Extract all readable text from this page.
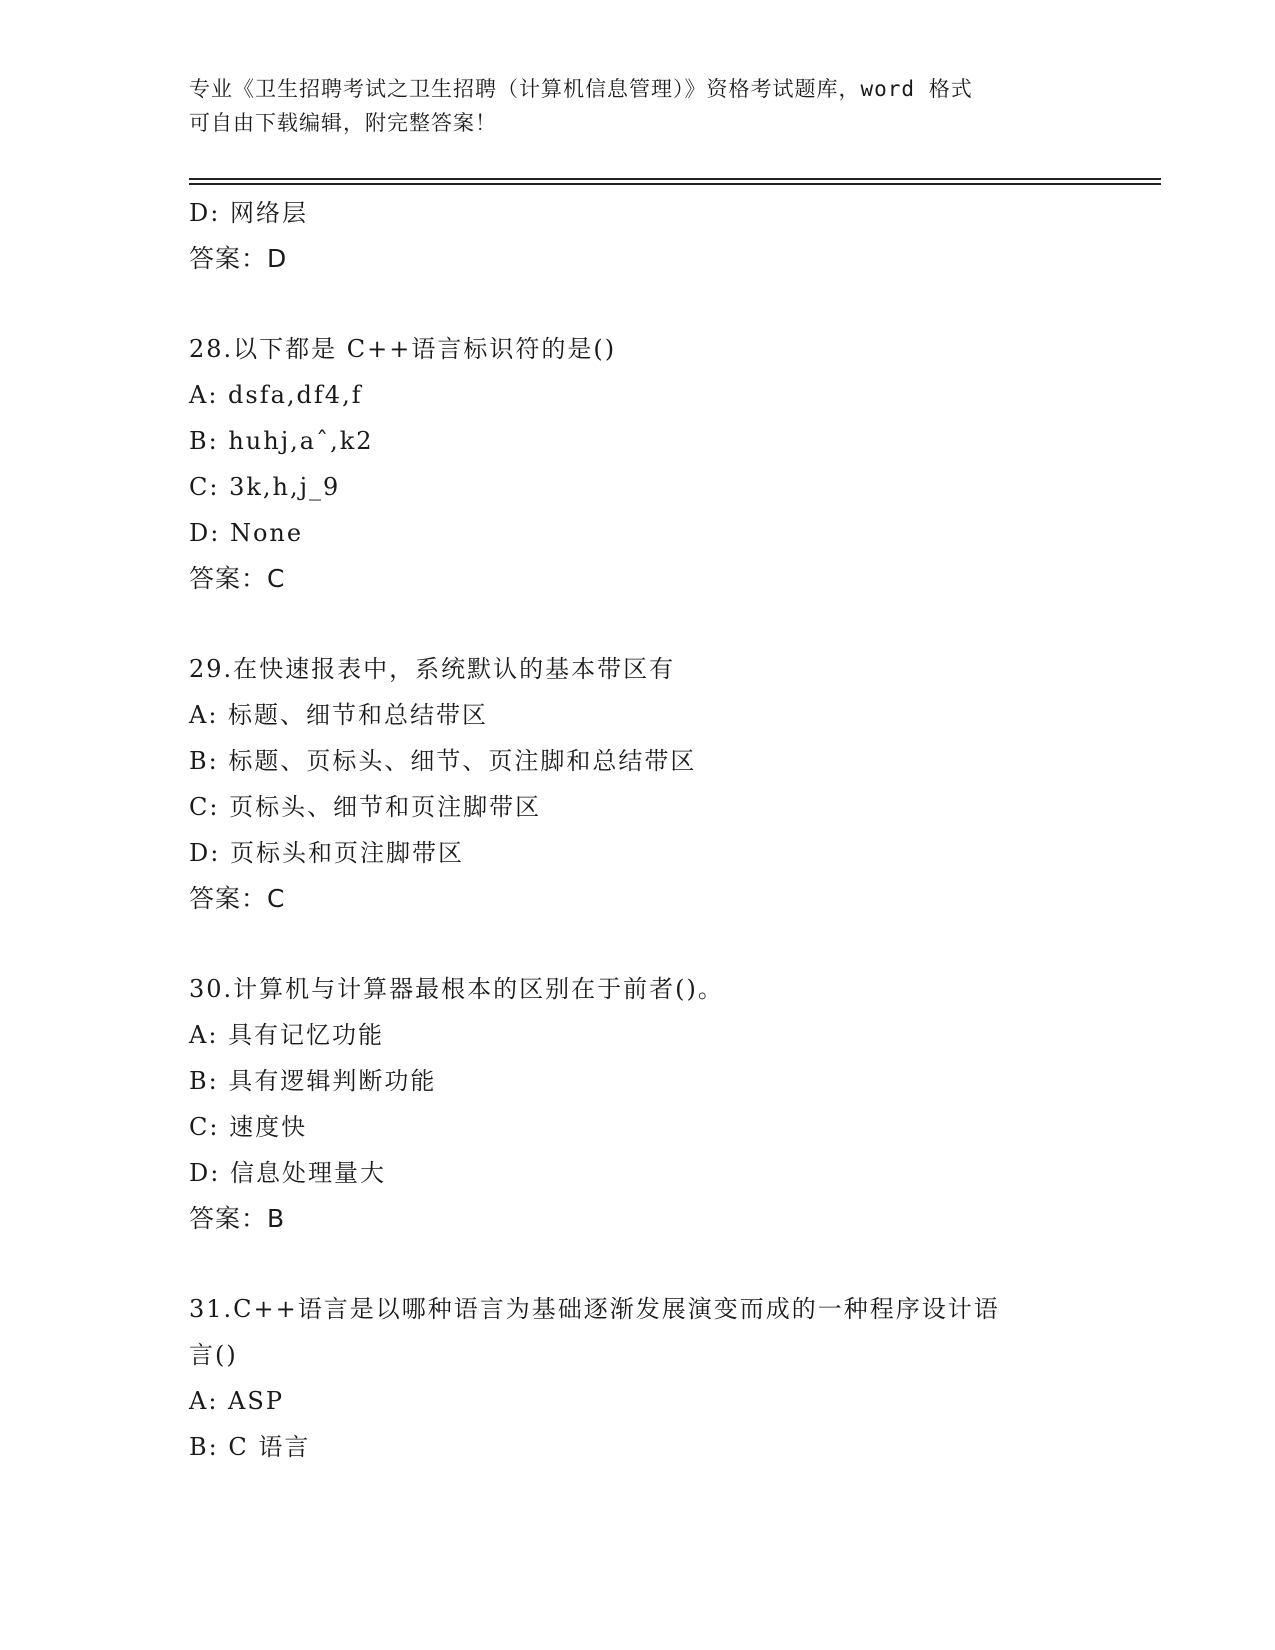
专业《卫生招聘考试之卫生招聘（计算机信息管理）》资格考试题库，word 格式
可自由下载编辑，附完整答案！
D: 网络层
答案：D
28.以下都是 C++语言标识符的是()
A: dsfa,df4,f
B: huhj,aˆ,k2
C: 3k,h,j_9
D: None
答案：C
29.在快速报表中，系统默认的基本带区有
A: 标题、细节和总结带区
B: 标题、页标头、细节、页注脚和总结带区
C: 页标头、细节和页注脚带区
D: 页标头和页注脚带区
答案：C
30.计算机与计算器最根本的区别在于前者()。
A: 具有记忆功能
B: 具有逻辑判断功能
C: 速度快
D: 信息处理量大
答案：B
31.C++语言是以哪种语言为基础逐渐发展演变而成的一种程序设计语
言()
A: ASP
B: C 语言
